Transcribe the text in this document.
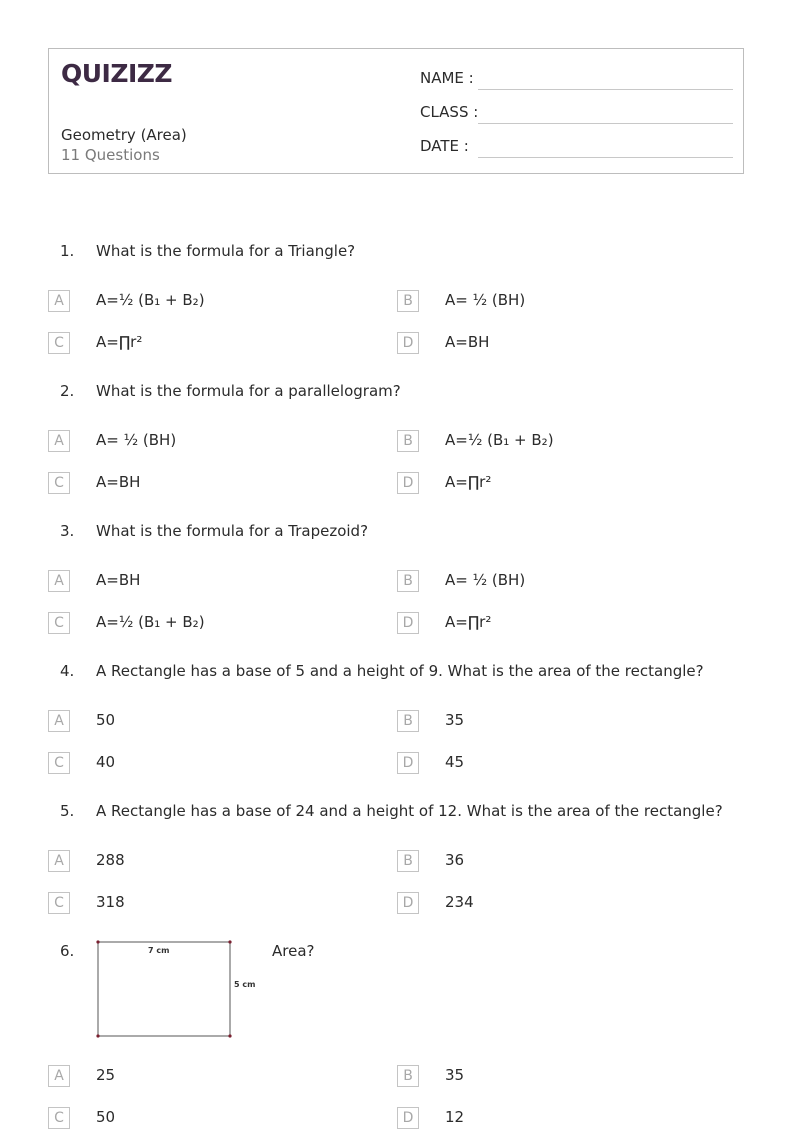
QUIZIZZ
Geometry (Area)
11 Questions
NAME :
CLASS :
DATE :
1. What is the formula for a Triangle?
A	A=½ (B₁ + B₂)	B	A= ½ (BH)
C	A=∏r²	D	A=BH
2. What is the formula for a parallelogram?
A	A= ½ (BH)	B	A=½ (B₁ + B₂)
C	A=BH	D	A=∏r²
3. What is the formula for a Trapezoid?
A	A=BH	B	A= ½ (BH)
C	A=½ (B₁ + B₂)	D	A=∏r²
4. A Rectangle has a base of 5 and a height of 9. What is the area of the rectangle?
A	50	B	35
C	40	D	45
5. A Rectangle has a base of 24 and a height of 12. What is the area of the rectangle?
A	288	B	36
C	318	D	234
6.	7 cm
5 cm
Area?
A	25	B	35
C	50	D	12
